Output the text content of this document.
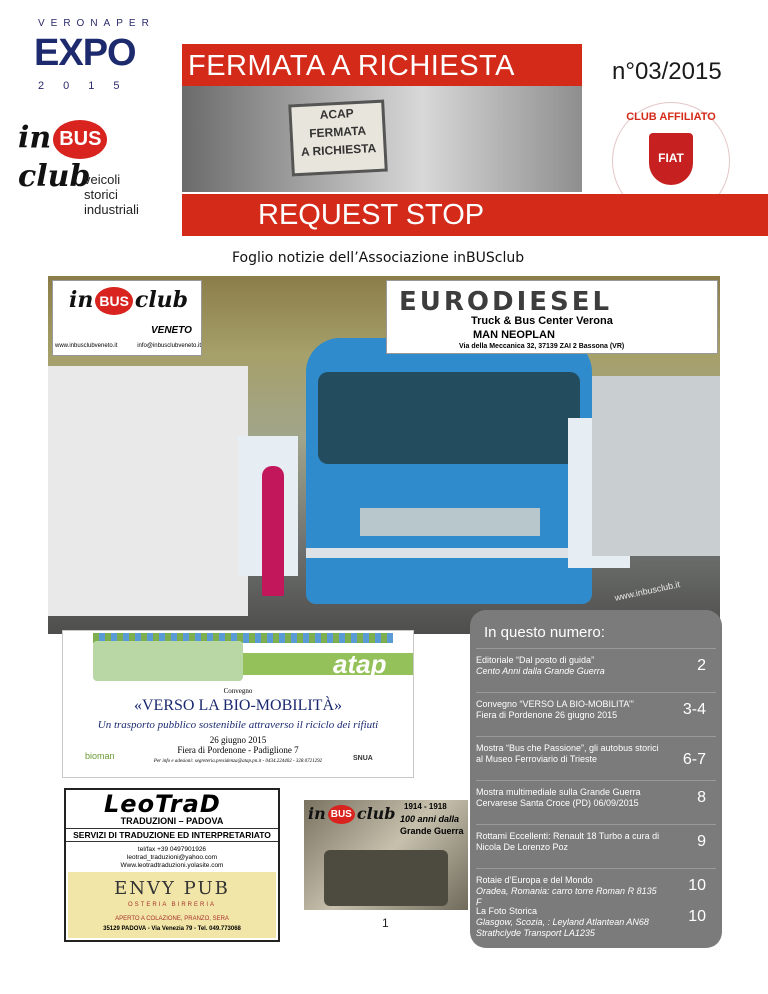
VERONAPER
EXPO
2015
in BUSclub
veicoli
storici
industriali
FERMATA A RICHIESTA
ACAP
FERMATA
A RICHIESTA
n°03/2015
CLUB AFFILIATO
FIAT
REQUEST STOP
Foglio notizie dell’Associazione inBUSclub
in BUS club
VENETO
www.inbusclubveneto.it	info@inbusclubveneto.it
EURODIESEL
Truck & Bus Center Verona
MAN NEOPLAN
Via della Meccanica 32, 37139 ZAI 2 Bassona (VR)
www.inbusclub.it
atap
Convegno
«VERSO LA BIO-MOBILITÀ»
Un trasporto pubblico sostenibile attraverso il riciclo dei rifiuti
26 giugno 2015
Fiera di Pordenone - Padiglione 7
Per info e adesioni: segreteria.presidenza@atap.pn.it - 0434.224402 - 328.0721292
bioman	SNUA
LeoTraD
TRADUZIONI – PADOVA
SERVIZI DI TRADUZIONE ED INTERPRETARIATO
tel/fax +39 0497901926
leotrad_traduzioni@yahoo.com
Www.leotradtraduzioni.yolasite.com
ENVY PUB
OSTERIA BIRRERIA
APERTO A COLAZIONE, PRANZO, SERA
35129 PADOVA - Via Venezia 79 - Tel. 049.773068
in BUS club 1914 - 1918
100 anni dalla
Grande Guerra
1
In questo numero:
Editoriale “Dal posto di guida”
Cento Anni dalla Grande Guerra	2
Convegno “VERSO LA BIO-MOBILITA’”
Fiera di Pordenone 26 giugno 2015	3-4
Mostra “Bus che Passione”, gli autobus storici al Museo Ferroviario di Trieste	6-7
Mostra multimediale sulla Grande Guerra
Cervarese Santa Croce (PD) 06/09/2015	8
Rottami Eccellenti: Renault 18 Turbo a cura di Nicola De Lorenzo Poz	9
Rotaie d’Europa e del Mondo
Oradea, Romania: carro torre Roman R 8135 F
10
La Foto Storica
Glasgow, Scozia, : Leyland Atlantean AN68 Strathclyde Transport LA1235
10
